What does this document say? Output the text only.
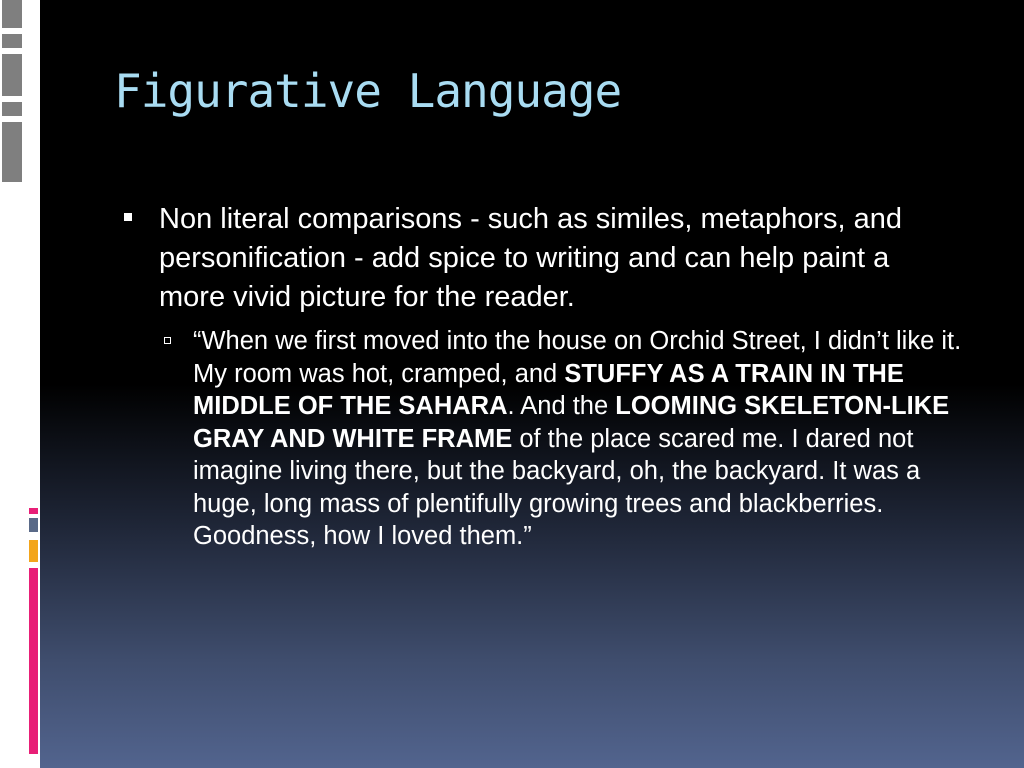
Figurative Language
Non literal comparisons - such as similes, metaphors, and personification - add spice to writing and can help paint a more vivid picture for the reader.
“When we first moved into the house on Orchid Street, I didn’t like it. My room was hot, cramped, and STUFFY AS A TRAIN IN THE MIDDLE OF THE SAHARA. And the LOOMING SKELETON-LIKE GRAY AND WHITE FRAME of the place scared me. I dared not imagine living there, but the backyard, oh, the backyard. It was a huge, long mass of plentifully growing trees and blackberries. Goodness, how I loved them.”
